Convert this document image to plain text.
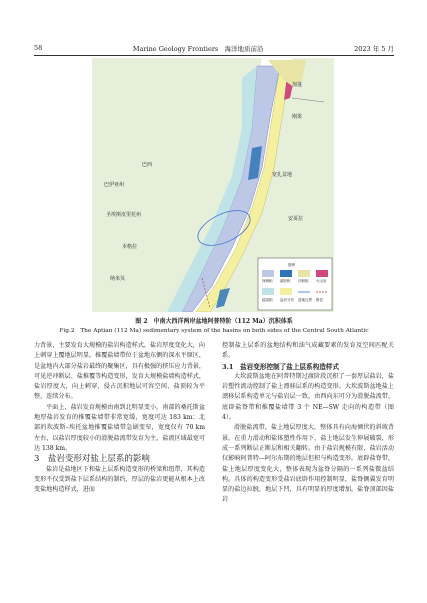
58	Marine Geology Frontiers 海洋地质前沿	2023 年 5 月
刚果
巴西
加蓬
巴伊亚州
安哥拉
宽扎盆地
圣埃斯皮里托州
本格拉
纳米贝
图例
深海相 湖泊相 冲积相 火山岩
陆架相 盐岩分布 盆地边界 断层
图 2　中南大西洋两岸盆地阿普特阶（112 Ma）沉积体系
Fig.2　The Aptian (112 Ma) sedimentary system of the basins on both sides of the Central South Atlantic

力背景，主要发育大规模的盐岩构造样式，盐岩厚度变化大，向上刺穿上覆地层明显。推覆盐墙带位于盆地东侧的深水平原区，是盆地内大部分盐岩最终的聚集区，具有极强的挤压应力背景，可见逆冲断层、盐推覆等构造变形，发育大规模盐墙构造样式，盐岩厚度大，向上刺穿、侵占沉积地层可容空间，盐顶较为平整，连续分布。

平面上，盐岩发育规模由南到北明显变小。南部的桑托斯盆地厚盐岩发育的推覆盐墙带非常宽缓，宽度可达 183 km；北部的坎波斯–埃托盆地推覆盐墙带急剧变窄，宽度仅有 70 km 左右，以盐岩厚度较小的滑脱盐流带发育为主，盐流区域最宽可达 138 km。

3　盐岩变形对盐上层系的影响

盐岩是盐地区下和盐上层系构造变形的桥梁和纽带，其构造变形不仅受到盐下层系结构的制约，厚层的盐岩更能从根本上改变盐地构造样式，进而

控制盐上层系的盆地结构和油气成藏要素的发育及空间匹配关系。

3.1　盐岩变形控制了盐上层系构造样式

大坎波斯盆地在阿普特期过渡阶段沉积了一套厚层盐岩，盐岩塑性流动控制了盐上漂移层系的构造变形。大坎波斯盆地盐上漂移层系构造单元与盐岩层一致，由西向东可分为滑脱盐流带、底辟盐脊带和推覆盐墙带 3 个 NE—SW 走向的构造带（图 4）。

滑脱盐流带，盐上地层厚度大，整体具有向海倾伏的斜坡背景。在重力滑动和盐体塑性作用下，盐上地层发生伸展破裂，形成一系列断层正断层和相关翻转。由于盐岩规模有限，盐岩活动仅影响阿普特—阿尔布期的地层但积与构造变形。底辟盐脊带，盐上地层厚度变化大，整体表现为盆脊分隔的一系列盐微盆结构。具体的构造变形受盐岩底辟作用控制明显，盐脊侧翼发育明显的盐边拉脱，地层下凹，具有明显的厚度增加。盐脊顶部因盐岩
